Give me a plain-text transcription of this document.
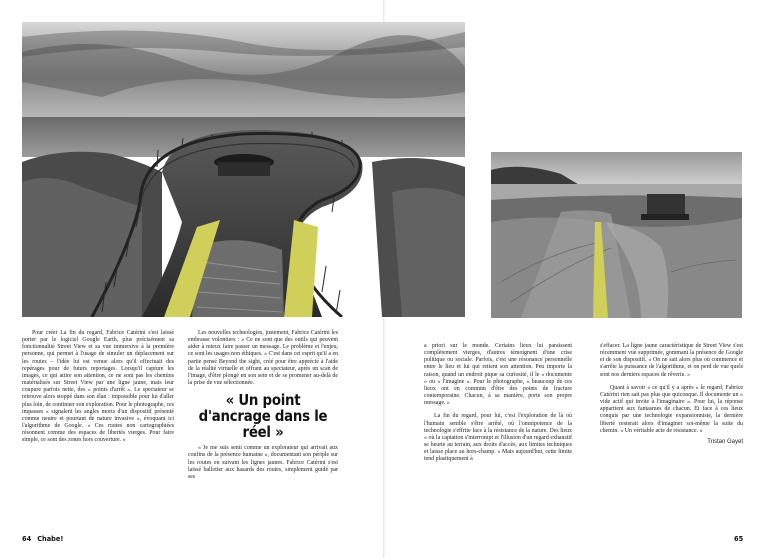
Pour créer La fin du regard, Fabrice Catérini s'est laissé porter par le logiciel Google Earth, plus précisément sa fonctionnalité Street View et sa vue immersive à la première personne, qui permet à l'usage de simuler un déplacement sur les routes – l'idée lui est venue alors qu'il effectuait des repérages pour de futurs reportages. Lorsqu'il capture les images, ce qui attire son attention, ce ne sont pas les chemins matérialisés sur Street View par une ligne jaune, mais leur coupure parfois nette, des « points d'arrêt ». Le spectateur se retrouve alors stoppé dans son élan : impossible pour lui d'aller plus loin, de continuer son exploration. Pour le photographe, ces impasses « signalent les angles morts d'un dispositif présenté comme neutre et pourtant de nature invasive », évoquant ici l'algorithme de Google. « Ces routes non cartographiées résonnent comme des espaces de libertés vierges. Pour faire simple, ce sont des zones hors couverture. »

Les nouvelles technologies, justement, Fabrice Catérini les embrasse volontiers : « Ce ne sont que des outils qui peuvent aider à mieux faire passer un message. Le problème et l'enjeu, ce sont les usages non éthiques. » C'est dans cet esprit qu'il a en partie pensé Beyond the sight, créé pour être apprécié à l'aide de la réalité virtuelle et offrant au spectateur, après un scan de l'image, d'être plongé en son sein et de se promener au-delà de la prise de vue sélectionnée.

« Un point d'ancrage dans le réel »

« Je me suis senti comme un explorateur qui arrivait aux confins de la présence humaine », documentant son périple sur les routes en suivant les lignes jaunes. Fabrice Catérini s'est laissé ballotter aux hasards des routes, simplement guidé par ses

a priori sur le monde. Certains lieux lui paraissent complètement vierges, d'autres témoignent d'une crise politique ou sociale. Parfois, c'est une résonance personnelle entre le lieu et lui qui retient son attention. Peu importe la raison, quand un endroit pique sa curiosité, il le « documente » ou « l'imagine ». Pour le photographe, « beaucoup de ces lieux ont en commun d'être des points de fracture contemporaine. Chacun, à sa manière, porte son propre message. »

La fin du regard, pour lui, c'est l'exploration de là où l'humain semble s'être arrêté, où l'omnipotence de la technologie s'effrite face à la résistance de la nature. Des lieux « où la captation s'interrompt et l'illusion d'un regard exhaustif se heurte au terrain, aux droits d'accès, aux limites techniques et laisse place au hors-champ. » Mais aujourd'hui, cette limite tend plastiquement à

s'effacer. La ligne jaune caractéristique de Street View s'est récemment vue supprimée, gommant la présence de Google et de son dispositif. « On ne sait alors plus où commence et s'arrête la puissance de l'algorithme, et on perd de vue quels sont nos derniers espaces de rêverie. »

Quant à savoir « ce qu'il y a après » le regard, Fabrice Catérini rien sait pas plus que quiconque. Il documente un « vide actif qui invite à l'imaginaire ». Pour lui, la réponse appartient aux fantasmes de chacun. Et face à ces lieux conquis par une technologie expansionniste, la dernière liberté resterait alors d'imaginer soi-même la suite du chemin. « Un véritable acte de résistance. »

Tristan Gayet
64 Chabe!	65
